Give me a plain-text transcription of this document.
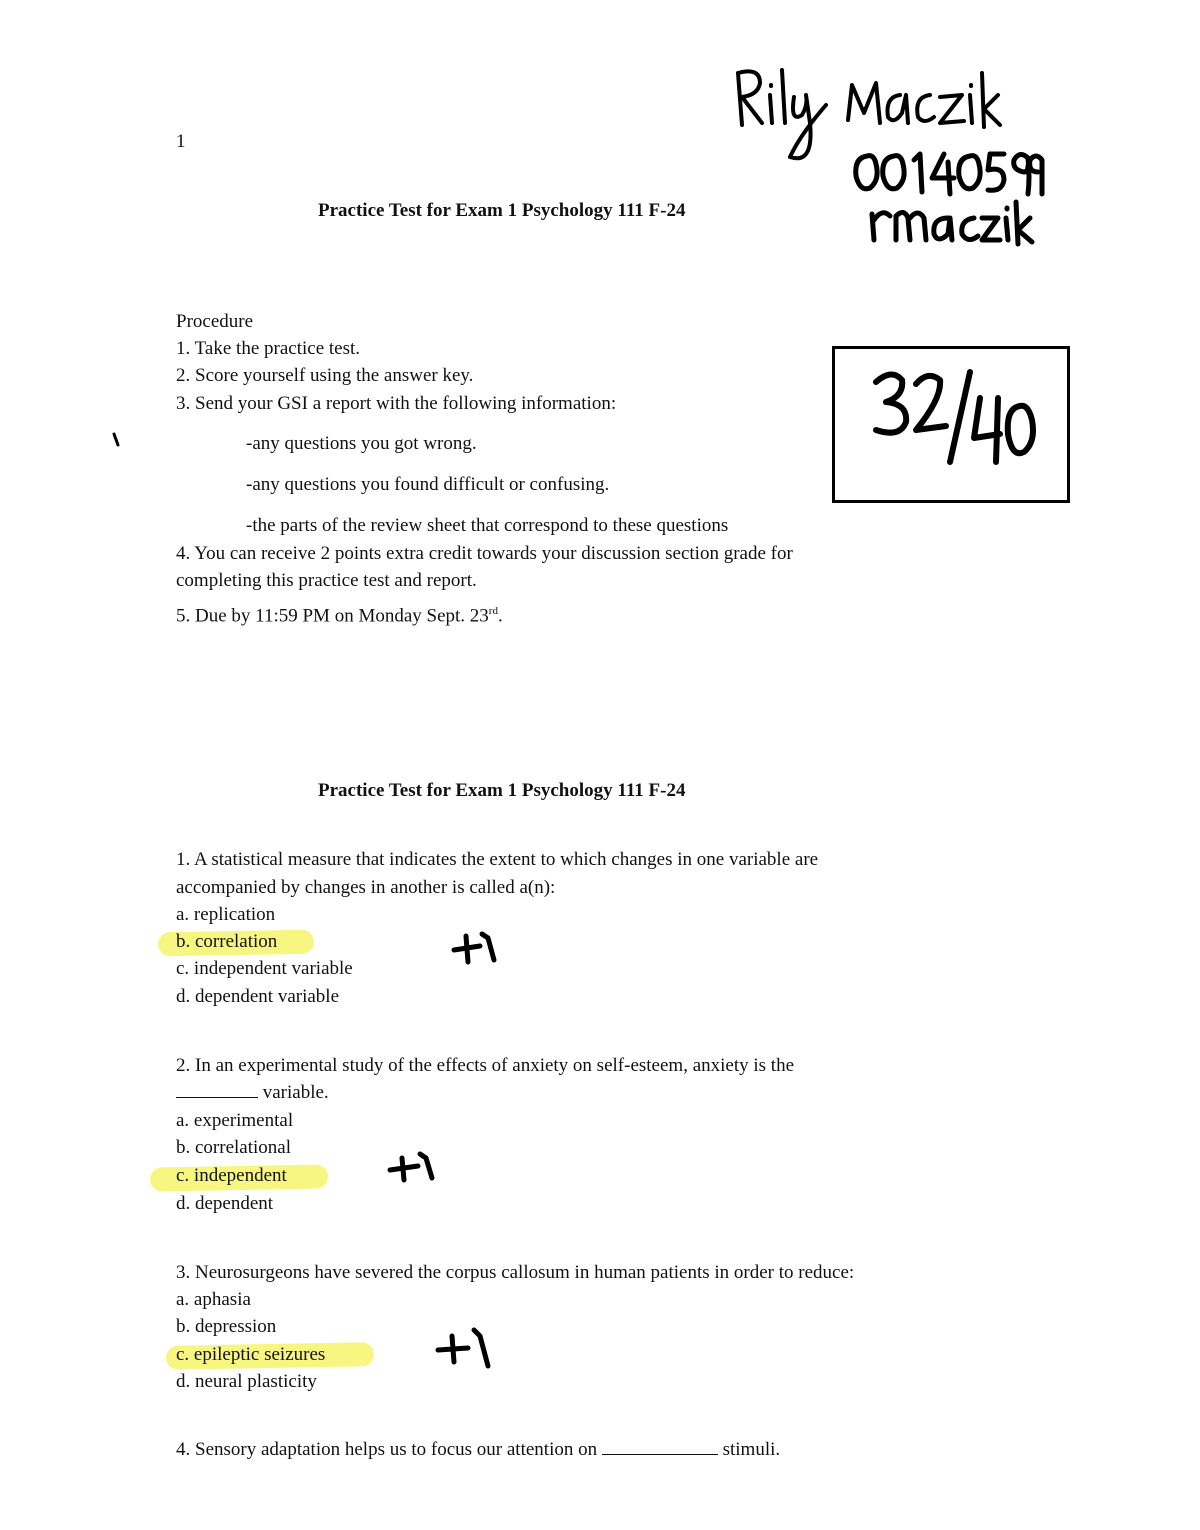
1
Practice Test for Exam 1 Psychology 111 F-24
Procedure
1. Take the practice test.
2. Score yourself using the answer key.
3. Send your GSI a report with the following information:
-any questions you got wrong.
-any questions you found difficult or confusing.
-the parts of the review sheet that correspond to these questions
4. You can receive 2 points extra credit towards your discussion section grade for
completing this practice test and report.
5. Due by 11:59 PM on Monday Sept. 23rd.
Practice Test for Exam 1 Psychology 111 F-24
1. A statistical measure that indicates the extent to which changes in one variable are
accompanied by changes in another is called a(n):
a. replication
b. correlation
c. independent variable
d. dependent variable
2. In an experimental study of the effects of anxiety on self-esteem, anxiety is the
variable.
a. experimental
b. correlational
c. independent
d. dependent
3. Neurosurgeons have severed the corpus callosum in human patients in order to reduce:
a. aphasia
b. depression
c. epileptic seizures
d. neural plasticity
4. Sensory adaptation helps us to focus our attention on	stimuli.
